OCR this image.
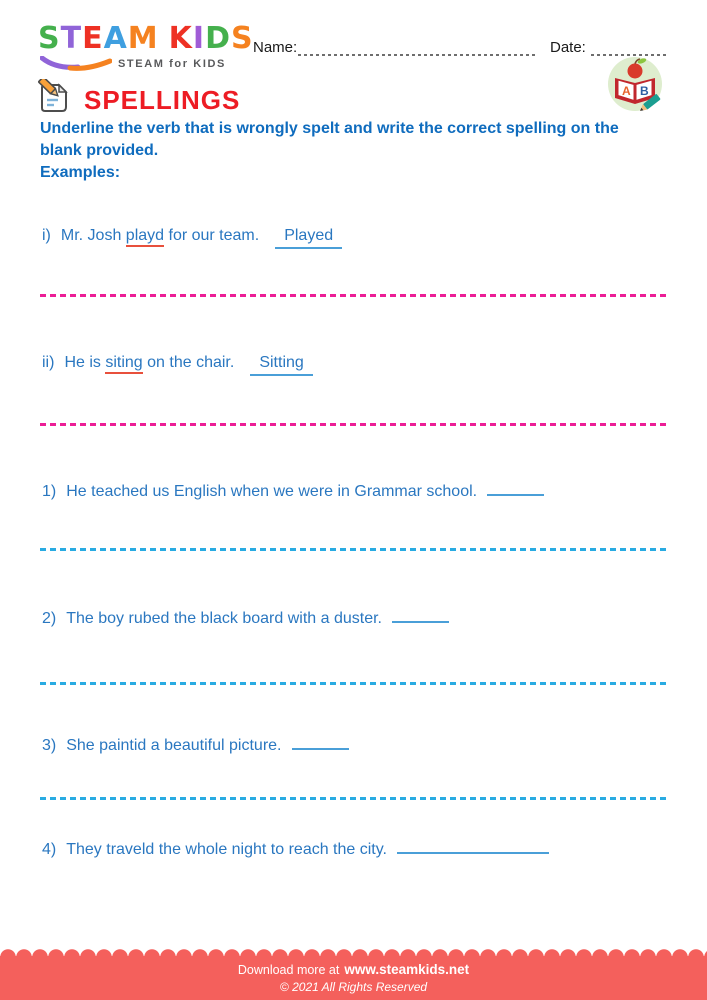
STEAM KIDS
STEAM for KIDS
Name:	Date:
SPELLINGS	A B
Underline the verb that is wrongly spelt and write the correct spelling on the blank provided.
Examples:
i) Mr. Josh playd for our team. Played
ii) He is siting on the chair. Sitting
1) He teached us English when we were in Grammar school.
2) The boy rubed the black board with a duster.
3) She paintid a beautiful picture.
4) They traveld the whole night to reach the city.
Download more at www.steamkids.net
© 2021 All Rights Reserved
